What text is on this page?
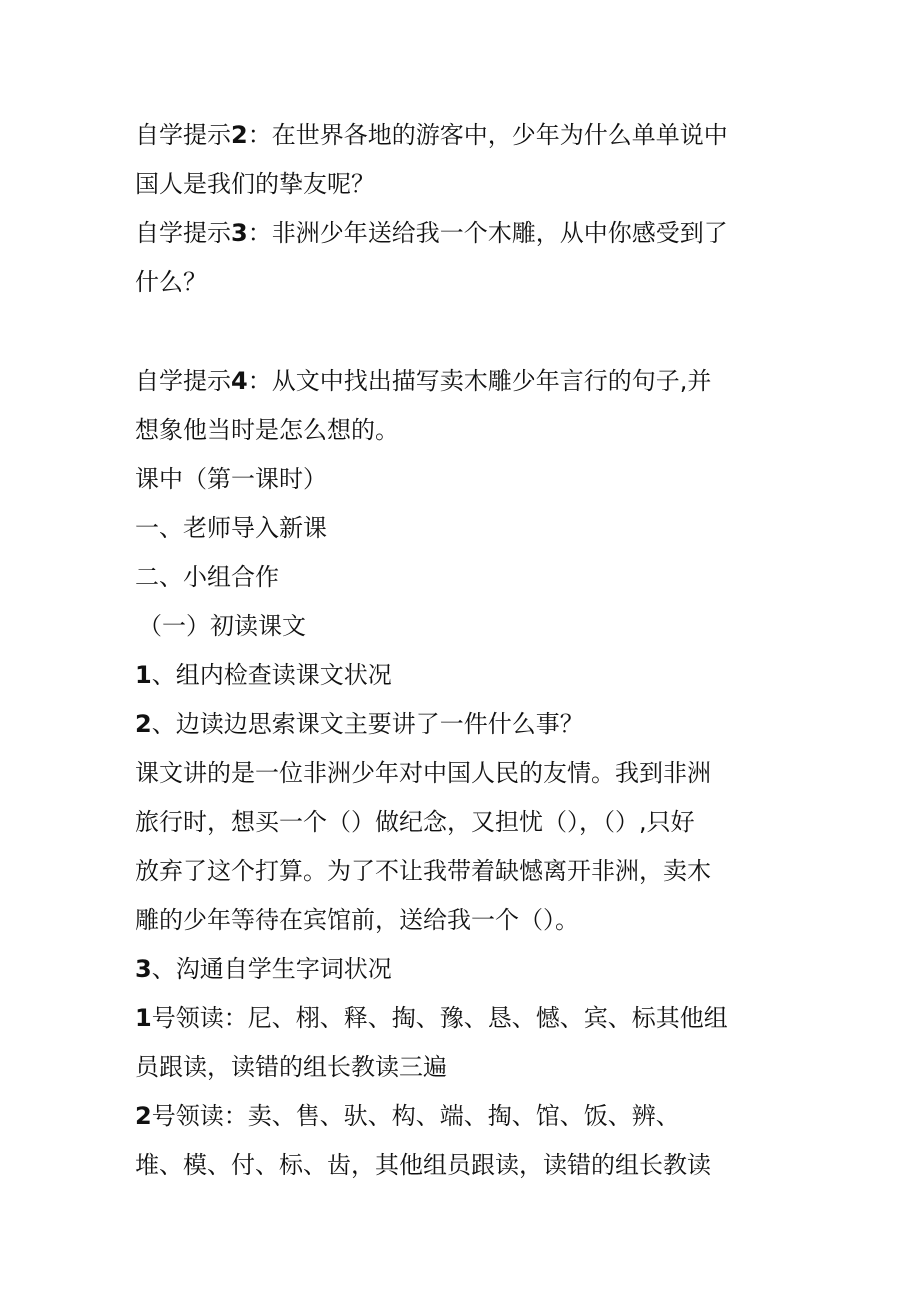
自学提示2：在世界各地的游客中，少年为什么单单说中
国人是我们的挚友呢？
自学提示3：非洲少年送给我一个木雕，从中你感受到了
什么？
自学提示4：从文中找出描写卖木雕少年言行的句子,并
想象他当时是怎么想的。
课中（第一课时）
一、老师导入新课
二、小组合作
（一）初读课文
1、组内检查读课文状况
2、边读边思索课文主要讲了一件什么事？
课文讲的是一位非洲少年对中国人民的友情。我到非洲
旅行时，想买一个（）做纪念，又担忧（），（）,只好
放弃了这个打算。为了不让我带着缺憾离开非洲，卖木
雕的少年等待在宾馆前，送给我一个（）。
3、沟通自学生字词状况
1号领读：尼、栩、释、掏、豫、恳、憾、宾、标其他组
员跟读，读错的组长教读三遍
2号领读：卖、售、驮、构、端、掏、馆、饭、辨、
堆、模、付、标、齿，其他组员跟读，读错的组长教读
